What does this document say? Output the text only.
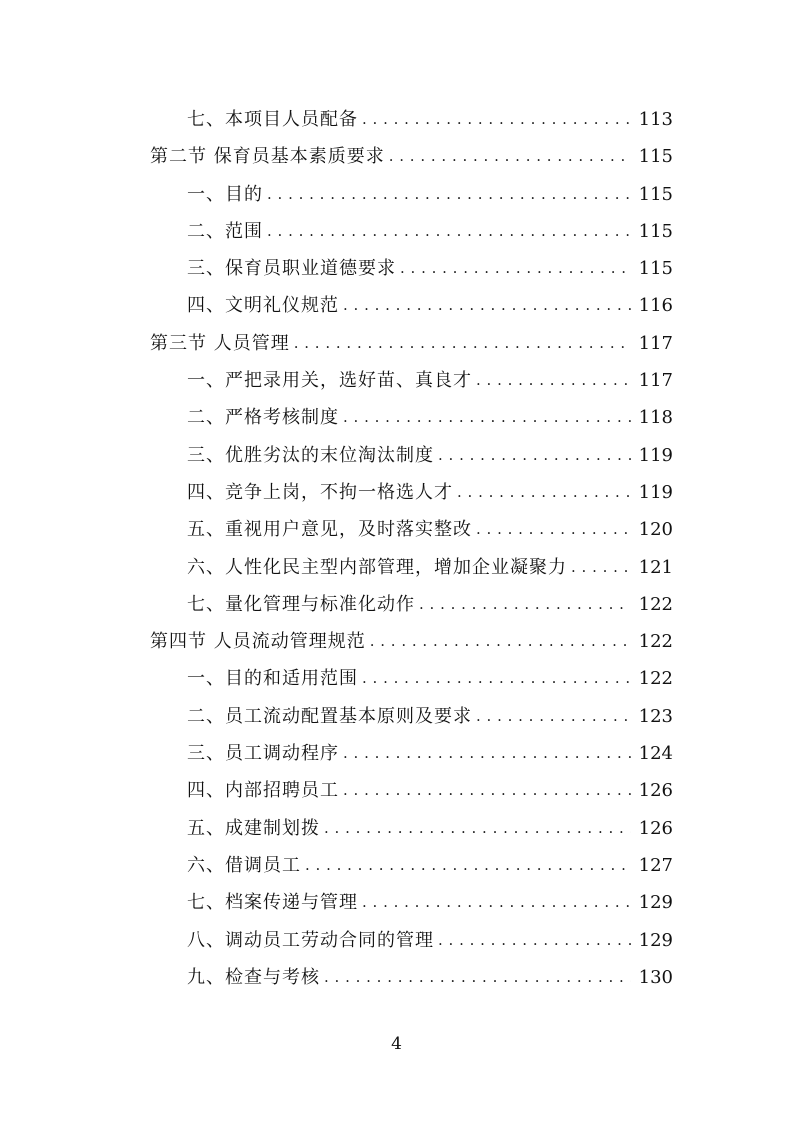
七、本项目人员配备 . . .	113
第二节 保育员基本素质要求 . . .	115
一、目的 . . .	115
二、范围 . . .	115
三、保育员职业道德要求 . . .	115
四、文明礼仪规范 . . .	116
第三节 人员管理 . . .	117
一、严把录用关，选好苗、真良才 . . .	117
二、严格考核制度 . . .	118
三、优胜劣汰的末位淘汰制度 . . .	119
四、竞争上岗，不拘一格选人才 . . .	119
五、重视用户意见，及时落实整改 . . .	120
六、人性化民主型内部管理，增加企业凝聚力 . . .	121
七、量化管理与标准化动作 . . .	122
第四节 人员流动管理规范 . . .	122
一、目的和适用范围 . . .	122
二、员工流动配置基本原则及要求 . . .	123
三、员工调动程序 . . .	124
四、内部招聘员工 . . .	126
五、成建制划拨 . . .	126
六、借调员工 . . .	127
七、档案传递与管理 . . .	129
八、调动员工劳动合同的管理 . . .	129
九、检查与考核 . . .	130
4
